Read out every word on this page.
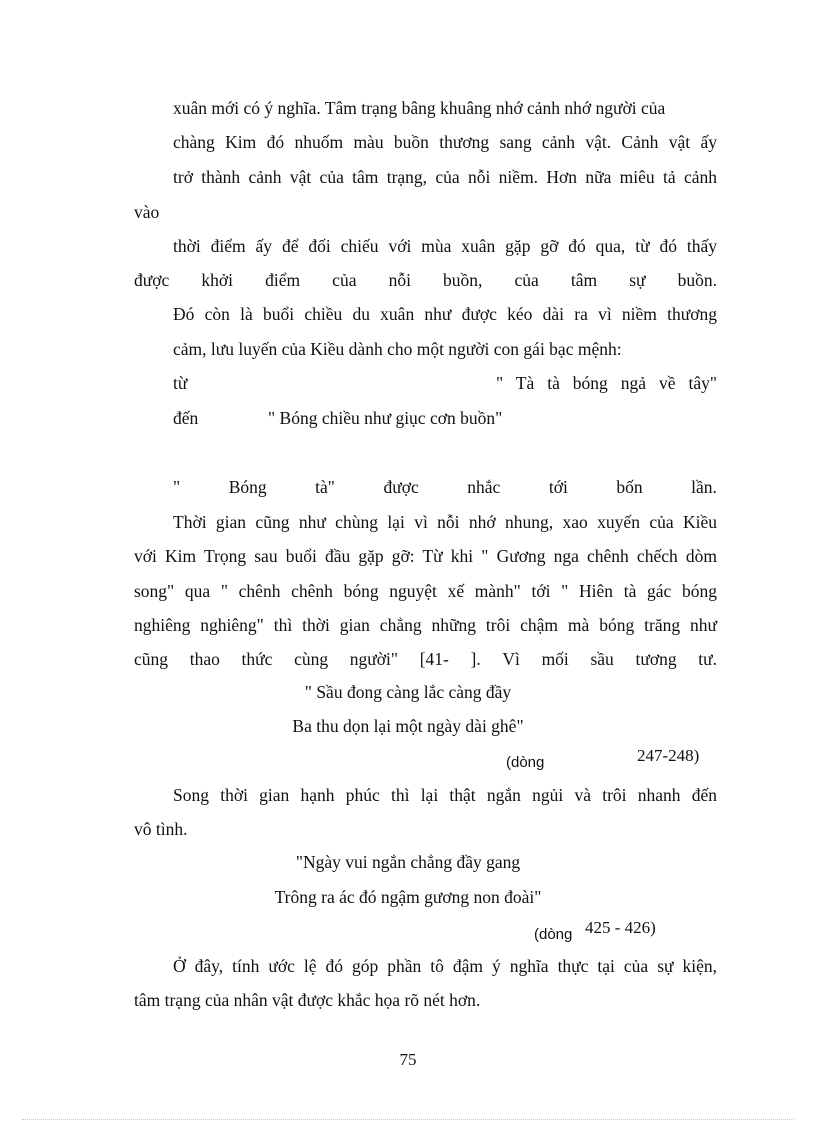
xuân mới có ý nghĩa. Tâm trạng bâng khuâng nhớ cảnh nhớ người của
chàng Kim đó nhuốm màu buồn thương sang cảnh vật. Cảnh vật ấy
trở thành cảnh vật của tâm trạng, của nỗi niềm. Hơn nữa miêu tả cảnh
vào
thời điểm ấy để đối chiếu với mùa xuân gặp gỡ đó qua, từ đó thấy
được khởi điểm của nỗi buồn, của tâm sự buồn.
Đó còn là buổi chiều du xuân như được kéo dài ra vì niềm thương
cảm, lưu luyến của Kiều dành cho một người con gái bạc mệnh:
từ	" Tà tà bóng ngả về tây"
đến	" Bóng chiều như giục cơn buồn"
"	Bóng	tà"	được	nhắc	tới	bốn	lần.
Thời gian cũng như chùng lại vì nỗi nhớ nhung, xao xuyến của Kiều
với Kim Trọng sau buổi đầu gặp gỡ: Từ khi " Gương nga chênh chếch dòm
song" qua " chênh chênh bóng nguyệt xế mành" tới " Hiên tà gác bóng
nghiêng nghiêng" thì thời gian chẳng những trôi chậm mà bóng trăng như
cũng thao thức cùng người" [41- ]. Vì mối sầu tương tư.
" Sầu đong càng lắc càng đầy
Ba thu dọn lại một ngày dài ghê"
(dòng	247-248)
Song thời gian hạnh phúc thì lại thật ngắn ngủi và trôi nhanh đến
vô tình.
"Ngày vui ngắn chẳng đầy gang
Trông ra ác đó ngậm gương non đoài"
(dòng 425 - 426)
Ở đây, tính ước lệ đó góp phần tô đậm ý nghĩa thực tại của sự kiện,
tâm trạng của nhân vật được khắc họa rõ nét hơn.
75
